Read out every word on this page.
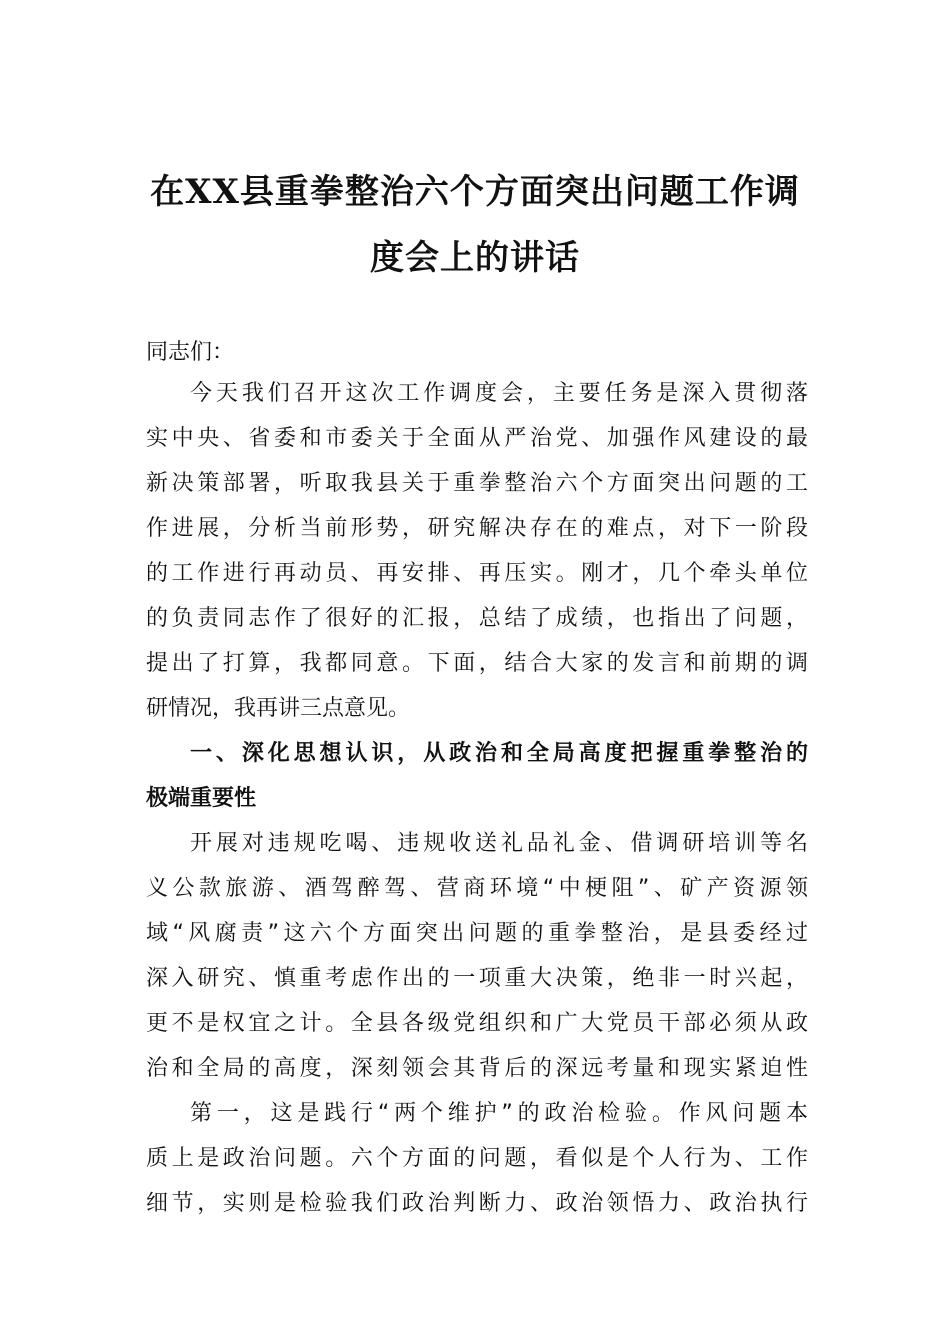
在XX县重拳整治六个方面突出问题工作调
度会上的讲话
同志们：
今天我们召开这次工作调度会，主要任务是深入贯彻落
实中央、省委和市委关于全面从严治党、加强作风建设的最
新决策部署，听取我县关于重拳整治六个方面突出问题的工
作进展，分析当前形势，研究解决存在的难点，对下一阶段
的工作进行再动员、再安排、再压实。刚才，几个牵头单位
的负责同志作了很好的汇报，总结了成绩，也指出了问题，
提出了打算，我都同意。下面，结合大家的发言和前期的调
研情况，我再讲三点意见。
一、深化思想认识，从政治和全局高度把握重拳整治的
极端重要性
开展对违规吃喝、违规收送礼品礼金、借调研培训等名
义公款旅游、酒驾醉驾、营商环境“中梗阻”、矿产资源领
域“风腐责”这六个方面突出问题的重拳整治，是县委经过
深入研究、慎重考虑作出的一项重大决策，绝非一时兴起，
更不是权宜之计。全县各级党组织和广大党员干部必须从政
治和全局的高度，深刻领会其背后的深远考量和现实紧迫性
第一，这是践行“两个维护”的政治检验。作风问题本
质上是政治问题。六个方面的问题，看似是个人行为、工作
细节，实则是检验我们政治判断力、政治领悟力、政治执行
